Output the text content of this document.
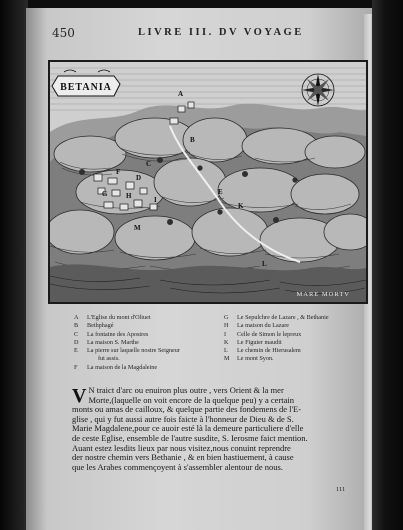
450	LIVRE III. DV VOYAGE
BETANIA
A
B
C
D
E
F
G	H	I
K
L
M
MARE MORTV
A	L'Eglise du mont d'Oliuet
B	Bethphagé
C	La fontaine des Apostres
D	La maison S. Marthe
E	La pierre sur laquelle nostre Seigneur
fut assis.
F	La maison de la Magdaleine
G	Le Sepulchre de Lazare , & Bethanie
H	La maison du Lazare
I	Celle de Simon le lepreux
K	Le Figuier maudit
L	Le chemin de Hierusalem
M	Le mont Syon.
V N traict d'arc ou enuiron plus outre , vers Orient & la mer
Morte,(laquelle on voit encore de la quelque peu) y a certain
monts ou amas de cailloux, & quelque partie des fondemens de l'E-
glise , qui y fut aussi autre fois faicte à l'honneur de Dieu & de S.
Marie Magdalene,pour ce auoir esté là la demeure particuliere d'elle
de ceste Eglise, ensemble de l'autre susdite, S. Ierosme faict mention.
Auant estez lesdits lieux par nous visitez,nous conuint reprendre
der nostre chemin vers Bethanie , & en bien hastiuement, à cause
que les Arabes commençoyent à s'assembler alentour de nous.
111
